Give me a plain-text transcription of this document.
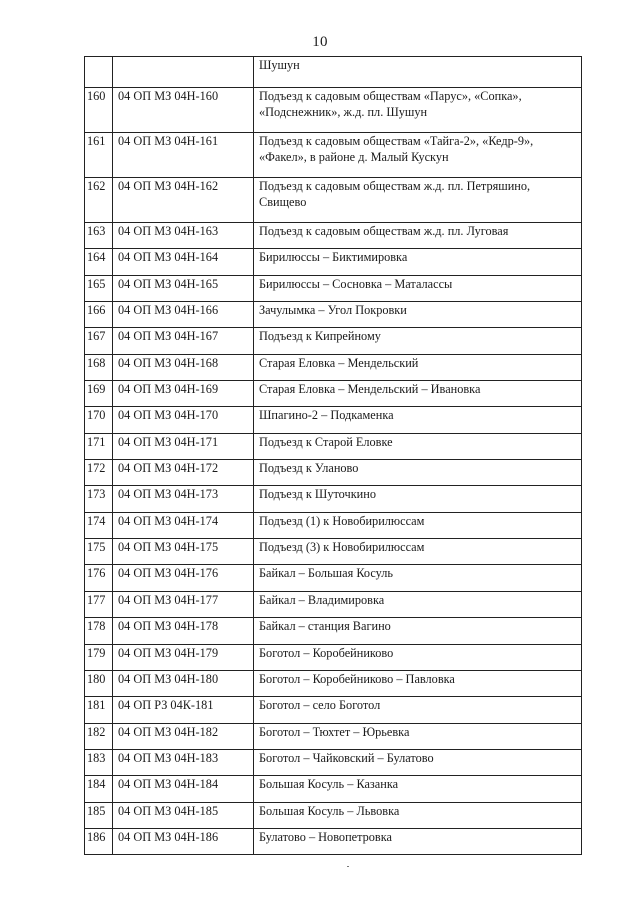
10
		Шушун
160	04 ОП МЗ 04Н-160	Подъезд к садовым обществам «Парус», «Сопка», «Подснежник», ж.д. пл. Шушун
161	04 ОП МЗ 04Н-161	Подъезд к садовым обществам «Тайга-2», «Кедр-9», «Факел», в районе д. Малый Кускун
162	04 ОП МЗ 04Н-162	Подъезд к садовым обществам ж.д. пл. Петряшино, Свищево
163	04 ОП МЗ 04Н-163	Подъезд к садовым обществам ж.д. пл. Луговая
164	04 ОП МЗ 04Н-164	Бирилюссы – Биктимировка
165	04 ОП МЗ 04Н-165	Бирилюссы – Сосновка – Маталассы
166	04 ОП МЗ 04Н-166	Зачулымка – Угол Покровки
167	04 ОП МЗ 04Н-167	Подъезд к Кипрейному
168	04 ОП МЗ 04Н-168	Старая Еловка – Мендельский
169	04 ОП МЗ 04Н-169	Старая Еловка – Мендельский – Ивановка
170	04 ОП МЗ 04Н-170	Шпагино-2 – Подкаменка
171	04 ОП МЗ 04Н-171	Подъезд к Старой Еловке
172	04 ОП МЗ 04Н-172	Подъезд к Уланово
173	04 ОП МЗ 04Н-173	Подъезд к Шуточкино
174	04 ОП МЗ 04Н-174	Подъезд (1) к Новобирилюссам
175	04 ОП МЗ 04Н-175	Подъезд (3) к Новобирилюссам
176	04 ОП МЗ 04Н-176	Байкал – Большая Косуль
177	04 ОП МЗ 04Н-177	Байкал – Владимировка
178	04 ОП МЗ 04Н-178	Байкал – станция Вагино
179	04 ОП МЗ 04Н-179	Боготол – Коробейниково
180	04 ОП МЗ 04Н-180	Боготол – Коробейниково – Павловка
181	04 ОП РЗ 04К-181	Боготол – село Боготол
182	04 ОП МЗ 04Н-182	Боготол – Тюхтет – Юрьевка
183	04 ОП МЗ 04Н-183	Боготол – Чайковский – Булатово
184	04 ОП МЗ 04Н-184	Большая Косуль – Казанка
185	04 ОП МЗ 04Н-185	Большая Косуль – Львовка
186	04 ОП МЗ 04Н-186	Булатово – Новопетровка
